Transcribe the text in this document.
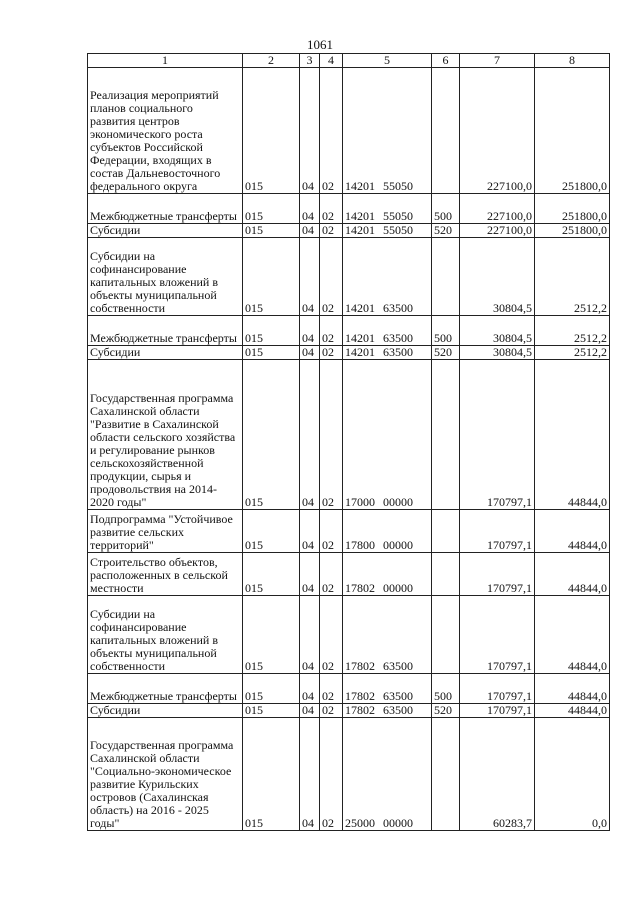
1061
1	2	3	4	5	6	7	8
Реализация мероприятий планов социального развития центров экономического роста субъектов Российской Федерации, входящих в состав Дальневосточного федерального округа	015	04	02	14201 55050		227100,0	251800,0
Межбюджетные трансферты	015	04	02	14201 55050	500	227100,0	251800,0
Субсидии	015	04	02	14201 55050	520	227100,0	251800,0
Субсидии на софинансирование капитальных вложений в объекты муниципальной собственности	015	04	02	14201 63500		30804,5	2512,2
Межбюджетные трансферты	015	04	02	14201 63500	500	30804,5	2512,2
Субсидии	015	04	02	14201 63500	520	30804,5	2512,2
Государственная программа Сахалинской области "Развитие в Сахалинской области сельского хозяйства и регулирование рынков сельскохозяйственной продукции, сырья и продовольствия на 2014-2020 годы"	015	04	02	17000 00000		170797,1	44844,0
Подпрограмма "Устойчивое развитие сельских территорий"	015	04	02	17800 00000		170797,1	44844,0
Строительство объектов, расположенных в сельской местности	015	04	02	17802 00000		170797,1	44844,0
Субсидии на софинансирование капитальных вложений в объекты муниципальной собственности	015	04	02	17802 63500		170797,1	44844,0
Межбюджетные трансферты	015	04	02	17802 63500	500	170797,1	44844,0
Субсидии	015	04	02	17802 63500	520	170797,1	44844,0
Государственная программа Сахалинской области "Социально-экономическое развитие Курильских островов (Сахалинская область) на 2016 - 2025 годы"	015	04	02	25000 00000		60283,7	0,0
